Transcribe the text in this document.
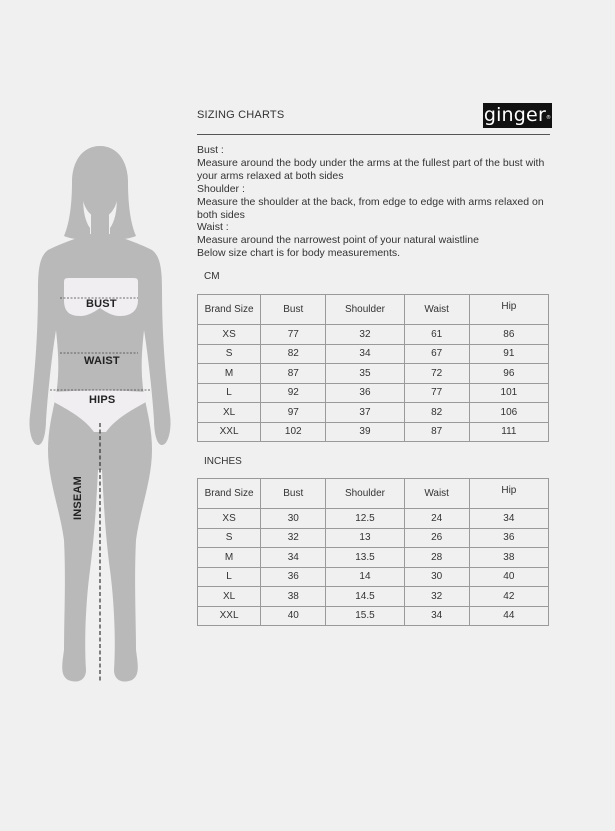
BUST
WAIST
HIPS
INSEAM
SIZING CHARTS	ginger®
Bust :
Measure around the body under the arms at the fullest part of the bust with your arms relaxed at both sides
Shoulder :
Measure the shoulder at the back, from edge to edge with arms relaxed on both sides
Waist :
Measure around the narrowest point of your natural waistline
Below size chart is for body measurements.
CM
Brand Size	Bust	Shoulder	Waist	Hip
XS	77	32	61	86
S	82	34	67	91
M	87	35	72	96
L	92	36	77	101
XL	97	37	82	106
XXL	102	39	87	111
INCHES
Brand Size	Bust	Shoulder	Waist	Hip
XS	30	12.5	24	34
S	32	13	26	36
M	34	13.5	28	38
L	36	14	30	40
XL	38	14.5	32	42
XXL	40	15.5	34	44
